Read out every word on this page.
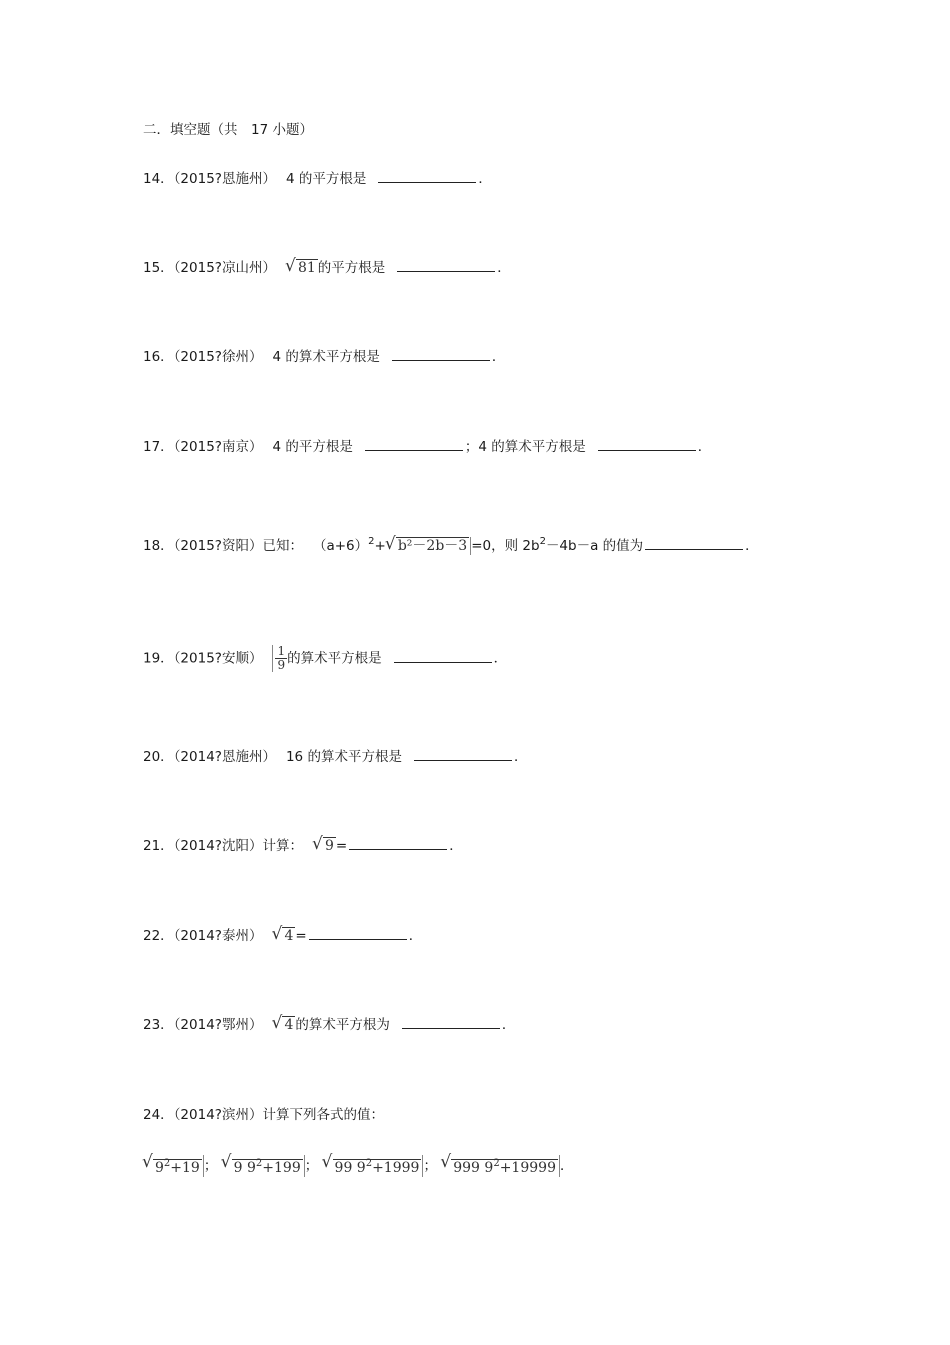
二．填空题（共　17 小题）
14．（2015?恩施州） 4 的平方根是	．
15．（2015?凉山州）√ 81 的平方根是	．
16．（2015?徐州） 4 的算术平方根是	．
17．（2015?南京） 4 的平方根是	；4 的算术平方根是	．
18．（2015?资阳）已知： $(a+6)^2+√$ b²－2b－3 =0，则 $2b^2-4b-a$ 的值为	．
19．（2015?安顺） $\frac{1}{9}$ 的算术平方根是	．
20．（2014?恩施州） 16 的算术平方根是	．
21．（2014?沈阳）计算：√ 9 =	．
22．（2014?泰州）√ 4 =	．
23．（2014?鄂州）√ 4 的算术平方根为	．
24．（2014?滨州）计算下列各式的值：
√ $9^2+19$ ； √ 9 $9^2+199$ ； √ 99 $9^2+1999$ ； √ 999 $9^2+19999$ ．
